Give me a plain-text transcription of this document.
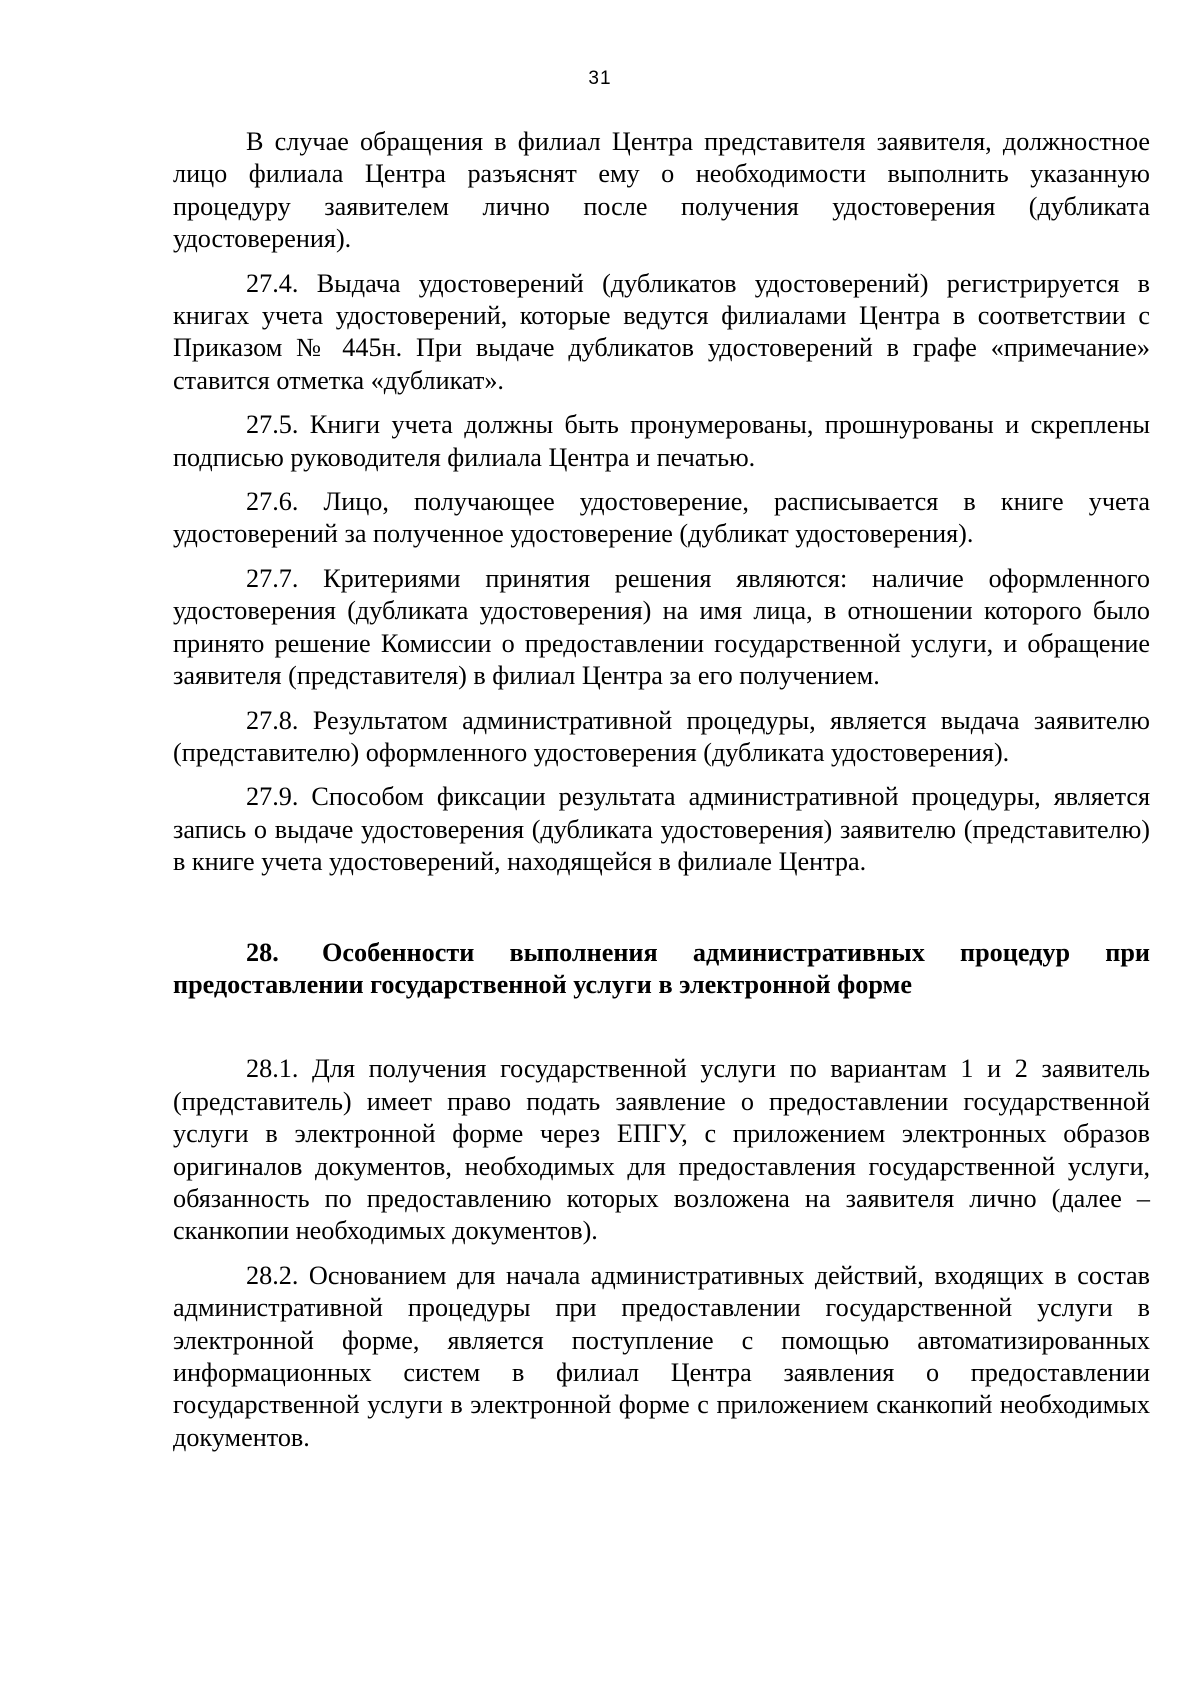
31

В случае обращения в филиал Центра представителя заявителя, должностное лицо филиала Центра разъяснят ему о необходимости выполнить указанную процедуру заявителем лично после получения удостоверения (дубликата удостоверения).

27.4. Выдача удостоверений (дубликатов удостоверений) регистрируется в книгах учета удостоверений, которые ведутся филиалами Центра в соответствии с Приказом № 445н. При выдаче дубликатов удостоверений в графе «примечание» ставится отметка «дубликат».

27.5. Книги учета должны быть пронумерованы, прошнурованы и скреплены подписью руководителя филиала Центра и печатью.

27.6. Лицо, получающее удостоверение, расписывается в книге учета удостоверений за полученное удостоверение (дубликат удостоверения).

27.7. Критериями принятия решения являются: наличие оформленного удостоверения (дубликата удостоверения) на имя лица, в отношении которого было принято решение Комиссии о предоставлении государственной услуги, и обращение заявителя (представителя) в филиал Центра за его получением.

27.8. Результатом административной процедуры, является выдача заявителю (представителю) оформленного удостоверения (дубликата удостоверения).

27.9. Способом фиксации результата административной процедуры, является запись о выдаче удостоверения (дубликата удостоверения) заявителю (представителю) в книге учета удостоверений, находящейся в филиале Центра.

28. Особенности выполнения административных процедур при предоставлении государственной услуги в электронной форме

28.1. Для получения государственной услуги по вариантам 1 и 2 заявитель (представитель) имеет право подать заявление о предоставлении государственной услуги в электронной форме через ЕПГУ, с приложением электронных образов оригиналов документов, необходимых для предоставления государственной услуги, обязанность по предоставлению которых возложена на заявителя лично (далее – сканкопии необходимых документов).

28.2. Основанием для начала административных действий, входящих в состав административной процедуры при предоставлении государственной услуги в электронной форме, является поступление с помощью автоматизированных информационных систем в филиал Центра заявления о предоставлении государственной услуги в электронной форме с приложением сканкопий необходимых документов.
